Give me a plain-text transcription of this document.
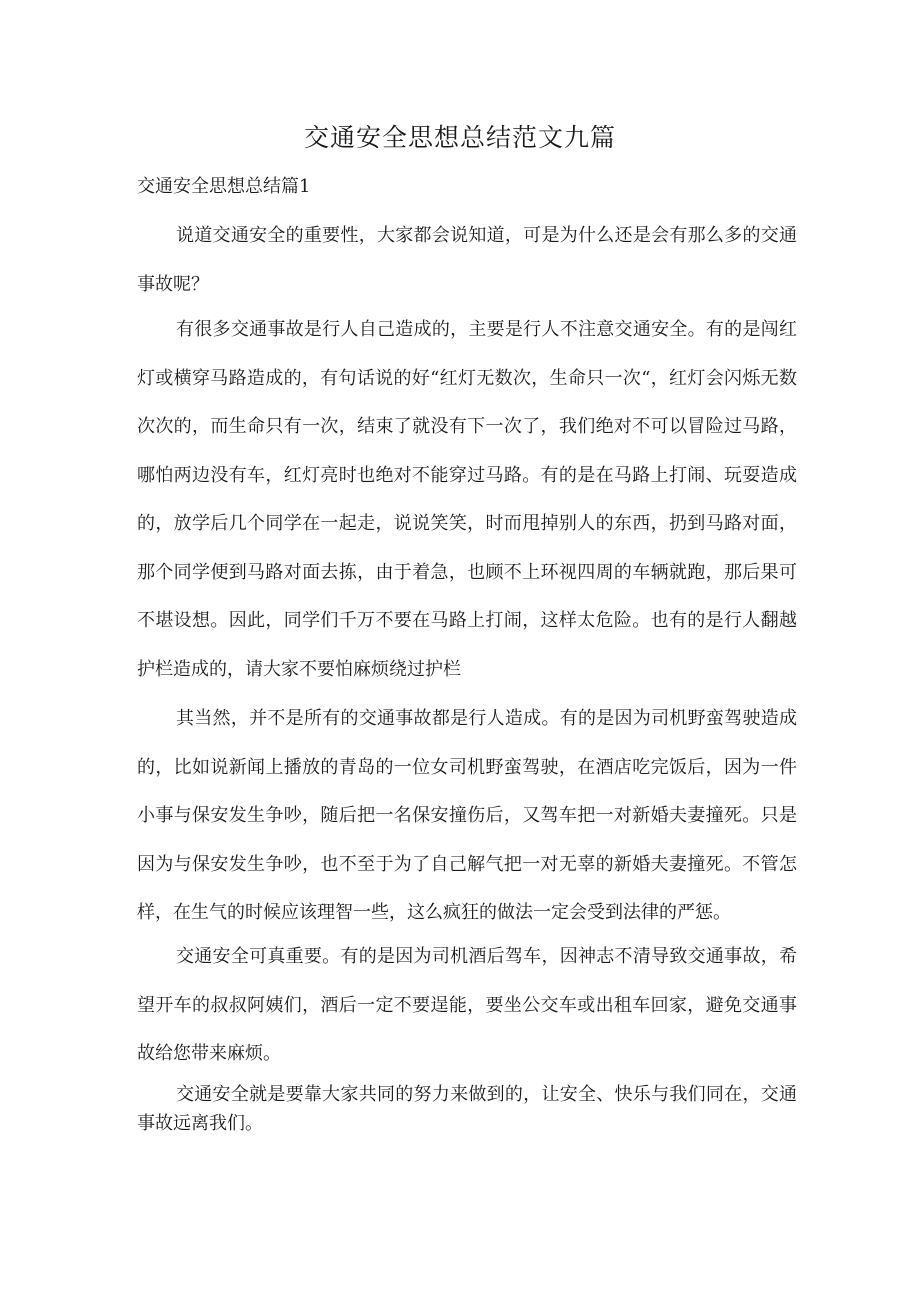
交通安全思想总结范文九篇
交通安全思想总结篇1

说道交通安全的重要性，大家都会说知道，可是为什么还是会有那么多的交通事故呢？

有很多交通事故是行人自己造成的，主要是行人不注意交通安全。有的是闯红灯或横穿马路造成的，有句话说的好“红灯无数次，生命只一次“，红灯会闪烁无数次次的，而生命只有一次，结束了就没有下一次了，我们绝对不可以冒险过马路，哪怕两边没有车，红灯亮时也绝对不能穿过马路。有的是在马路上打闹、玩耍造成的，放学后几个同学在一起走，说说笑笑，时而甩掉别人的东西，扔到马路对面，那个同学便到马路对面去拣，由于着急，也顾不上环视四周的车辆就跑，那后果可不堪设想。因此，同学们千万不要在马路上打闹，这样太危险。也有的是行人翻越护栏造成的，请大家不要怕麻烦绕过护栏

其当然，并不是所有的交通事故都是行人造成。有的是因为司机野蛮驾驶造成的，比如说新闻上播放的青岛的一位女司机野蛮驾驶，在酒店吃完饭后，因为一件小事与保安发生争吵，随后把一名保安撞伤后，又驾车把一对新婚夫妻撞死。只是因为与保安发生争吵，也不至于为了自己解气把一对无辜的新婚夫妻撞死。不管怎样，在生气的时候应该理智一些，这么疯狂的做法一定会受到法律的严惩。

交通安全可真重要。有的是因为司机酒后驾车，因神志不清导致交通事故，希望开车的叔叔阿姨们，酒后一定不要逞能，要坐公交车或出租车回家，避免交通事故给您带来麻烦。

交通安全就是要靠大家共同的努力来做到的，让安全、快乐与我们同在，交通事故远离我们。
